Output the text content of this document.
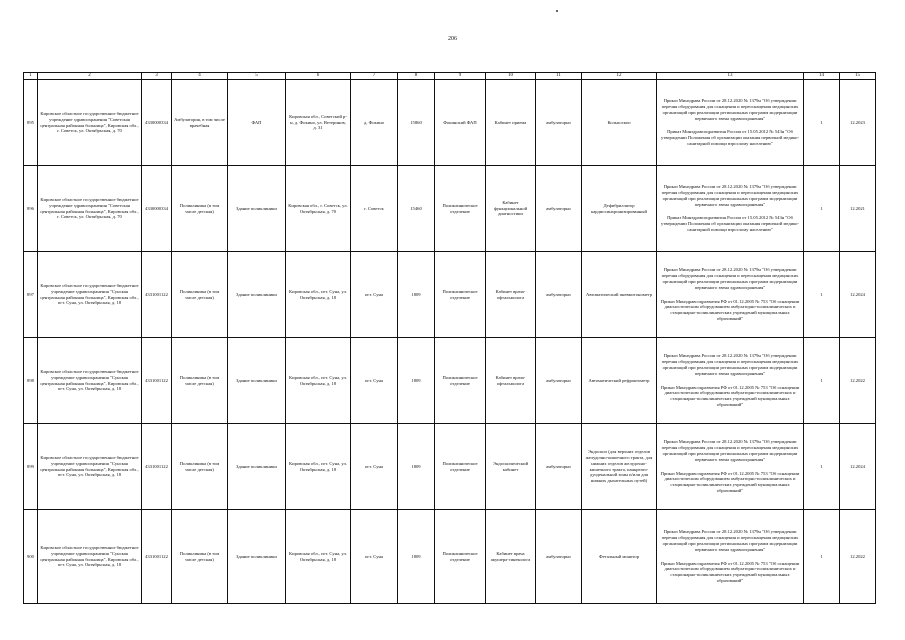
206
1	2	3	4	5	6	7	8	9	10	11	12	13	14	15
895	Кировское областное государственное бюджетное учреждение здравоохранения "Советская центральная районная больница", Кировская обл., г. Советск, ул. Октябрьская, д. 70	4330000334	Амбулатория, в том числе врачебная	ФАП	Кировская обл., Советский р-н, д. Фокино, ул. Ветеринов, д. 31	д. Фокино	15860	Фокинский ФАП	Кабинет приема	амбулаторно	Кольпоскоп	Приказ Минздрава России от 28.12.2020 № 1379н "Об утверждении перечня оборудования для оснащения и переоснащения медицинских организаций при реализации региональных программ модернизации первичного звена здравоохранения"
Приказ Минздравсоцразвития России от 15.05.2012 № 543н "Об утверждении Положения об организации оказания первичной медико-санитарной помощи взрослому населению"	1	12.2023
896	Кировское областное государственное бюджетное учреждение здравоохранения "Советская центральная районная больница", Кировская обл., г. Советск, ул. Октябрьская, д. 70	4330000334	Поликлиника (в том числе детская)	Здание поликлиники	Кировская обл., г. Советск, ул. Октябрьская, д. 70	г. Советск	15460	Поликлиническое отделение	Кабинет функциональной диагностики	амбулаторно	Дефибриллятор кардиосинхронизированный	Приказ Минздрава России от 28.12.2020 № 1379н "Об утверждении перечня оборудования для оснащения и переоснащения медицинских организаций при реализации региональных программ модернизации первичного звена здравоохранения"
Приказ Минздравсоцразвития России от 15.05.2012 № 543н "Об утверждении Положения об организации оказания первичной медико-санитарной помощи взрослому населению"	1	12.2021
897	Кировское областное государственное бюджетное учреждение здравоохранения "Сунская центральная районная больница", Кировская обл., пгт. Суна, ул. Октябрьская, д. 18	4331001122	Поликлиника (в том числе детская)	Здание поликлиники	Кировская обл., пгт. Суна, ул. Октябрьская, д. 18	пгт. Суна	1809	Поликлиническое отделение	Кабинет врача-офтальмолога	амбулаторно	Автоматический пневмотонометр	Приказ Минздрава России от 28.12.2020 № 1379н "Об утверждении перечня оборудования для оснащения и переоснащения медицинских организаций при реализации региональных программ модернизации первичного звена здравоохранения"
Приказ Минздравсоцразвития РФ от 01.12.2005 № 753 "Об оснащении диагностическим оборудованием амбулаторно-поликлинических и стационарно-поликлинических учреждений муниципальных образований"	1	12.2024
898	Кировское областное государственное бюджетное учреждение здравоохранения "Сунская центральная районная больница", Кировская обл., пгт. Суна, ул. Октябрьская, д. 18	4331001122	Поликлиника (в том числе детская)	Здание поликлиники	Кировская обл., пгт. Суна, ул. Октябрьская, д. 18	пгт. Суна	1809	Поликлиническое отделение	Кабинет врача-офтальмолога	амбулаторно	Автоматический рефрактометр	Приказ Минздрава России от 28.12.2020 № 1379н "Об утверждении перечня оборудования для оснащения и переоснащения медицинских организаций при реализации региональных программ модернизации первичного звена здравоохранения"
Приказ Минздравсоцразвития РФ от 01.12.2005 № 753 "Об оснащении диагностическим оборудованием амбулаторно-поликлинических и стационарно-поликлинических учреждений муниципальных образований"	1	12.2022
899	Кировское областное государственное бюджетное учреждение здравоохранения "Сунская центральная районная больница", Кировская обл., пгт. Суна, ул. Октябрьская, д. 18	4331001122	Поликлиника (в том числе детская)	Здание поликлиники	Кировская обл., пгт. Суна, ул. Октябрьская, д. 18	пгт. Суна	1809	Поликлиническое отделение	Эндоскопический кабинет	амбулаторно	Эндоскоп (для верхних отделов желудочно-кишечного тракта, для нижних отделов желудочно-кишечного тракта, панкреато-дуоденальной зоны и/или для нижних дыхательных путей)	Приказ Минздрава России от 28.12.2020 № 1379н "Об утверждении перечня оборудования для оснащения и переоснащения медицинских организаций при реализации региональных программ модернизации первичного звена здравоохранения"
Приказ Минздравсоцразвития РФ от 01.12.2005 № 753 "Об оснащении диагностическим оборудованием амбулаторно-поликлинических и стационарно-поликлинических учреждений муниципальных образований"	1	12.2024
900	Кировское областное государственное бюджетное учреждение здравоохранения "Сунская центральная районная больница", Кировская обл., пгт. Суна, ул. Октябрьская, д. 18	4331001122	Поликлиника (в том числе детская)	Здание поликлиники	Кировская обл., пгт. Суна, ул. Октябрьская, д. 18	пгт. Суна	1809	Поликлиническое отделение	Кабинет врача акушера-гинеколога	амбулаторно	Фетальный монитор	Приказ Минздрава России от 28.12.2020 № 1379н "Об утверждении перечня оборудования для оснащения и переоснащения медицинских организаций при реализации региональных программ модернизации первичного звена здравоохранения"
Приказ Минздравсоцразвития РФ от 01.12.2005 № 753 "Об оснащении диагностическим оборудованием амбулаторно-поликлинических и стационарно-поликлинических учреждений муниципальных образований"	1	12.2022
